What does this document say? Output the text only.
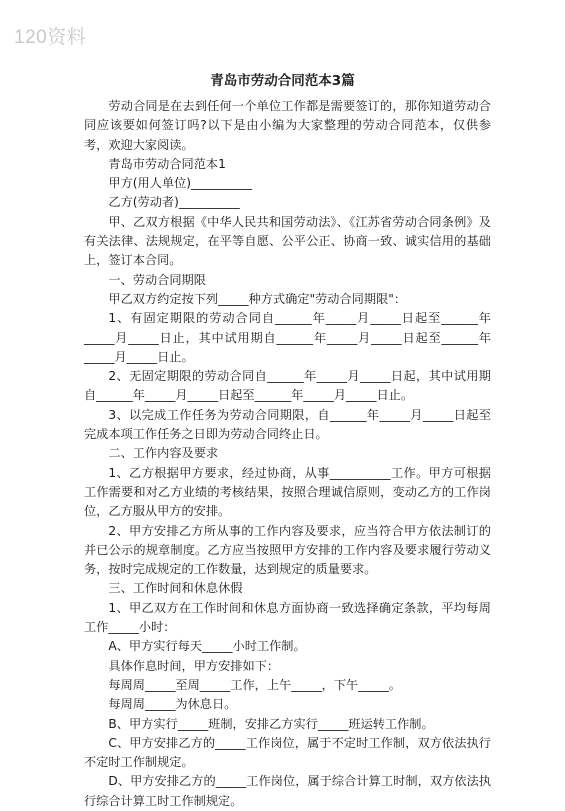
120资料
青岛市劳动合同范本3篇

劳动合同是在去到任何一个单位工作都是需要签订的，那你知道劳动合同应该要如何签订吗?以下是由小编为大家整理的劳动合同范本，仅供参考，欢迎大家阅读。

青岛市劳动合同范本1

甲方(用人单位)__________

乙方(劳动者)__________

甲、乙双方根据《中华人民共和国劳动法》、《江苏省劳动合同条例》及有关法律、法规规定，在平等自愿、公平公正、协商一致、诚实信用的基础上，签订本合同。

一、劳动合同期限

甲乙双方约定按下列_____种方式确定"劳动合同期限"：

1、有固定期限的劳动合同自______年_____月_____日起至______年_____月_____日止，其中试用期自______年_____月_____日起至______年_____月_____日止。

2、无固定期限的劳动合同自______年_____月_____日起，其中试用期自______年_____月_____日起至______年_____月_____日止。

3、以完成工作任务为劳动合同期限，自______年_____月_____日起至完成本项工作任务之日即为劳动合同终止日。

二、工作内容及要求

1、乙方根据甲方要求，经过协商，从事__________工作。甲方可根据工作需要和对乙方业绩的考核结果，按照合理诚信原则，变动乙方的工作岗位，乙方服从甲方的安排。

2、甲方安排乙方所从事的工作内容及要求，应当符合甲方依法制订的并已公示的规章制度。乙方应当按照甲方安排的工作内容及要求履行劳动义务，按时完成规定的工作数量，达到规定的质量要求。

三、工作时间和休息休假

1、甲乙双方在工作时间和休息方面协商一致选择确定条款，平均每周工作_____小时：

A、甲方实行每天_____小时工作制。

具体作息时间，甲方安排如下：

每周周_____至周_____工作，上午_____，下午_____。

每周周_____为休息日。

B、甲方实行_____班制，安排乙方实行_____班运转工作制。

C、甲方安排乙方的_____工作岗位，属于不定时工作制，双方依法执行不定时工作制规定。

D、甲方安排乙方的_____工作岗位，属于综合计算工时制，双方依法执行综合计算工时工作制规定。
